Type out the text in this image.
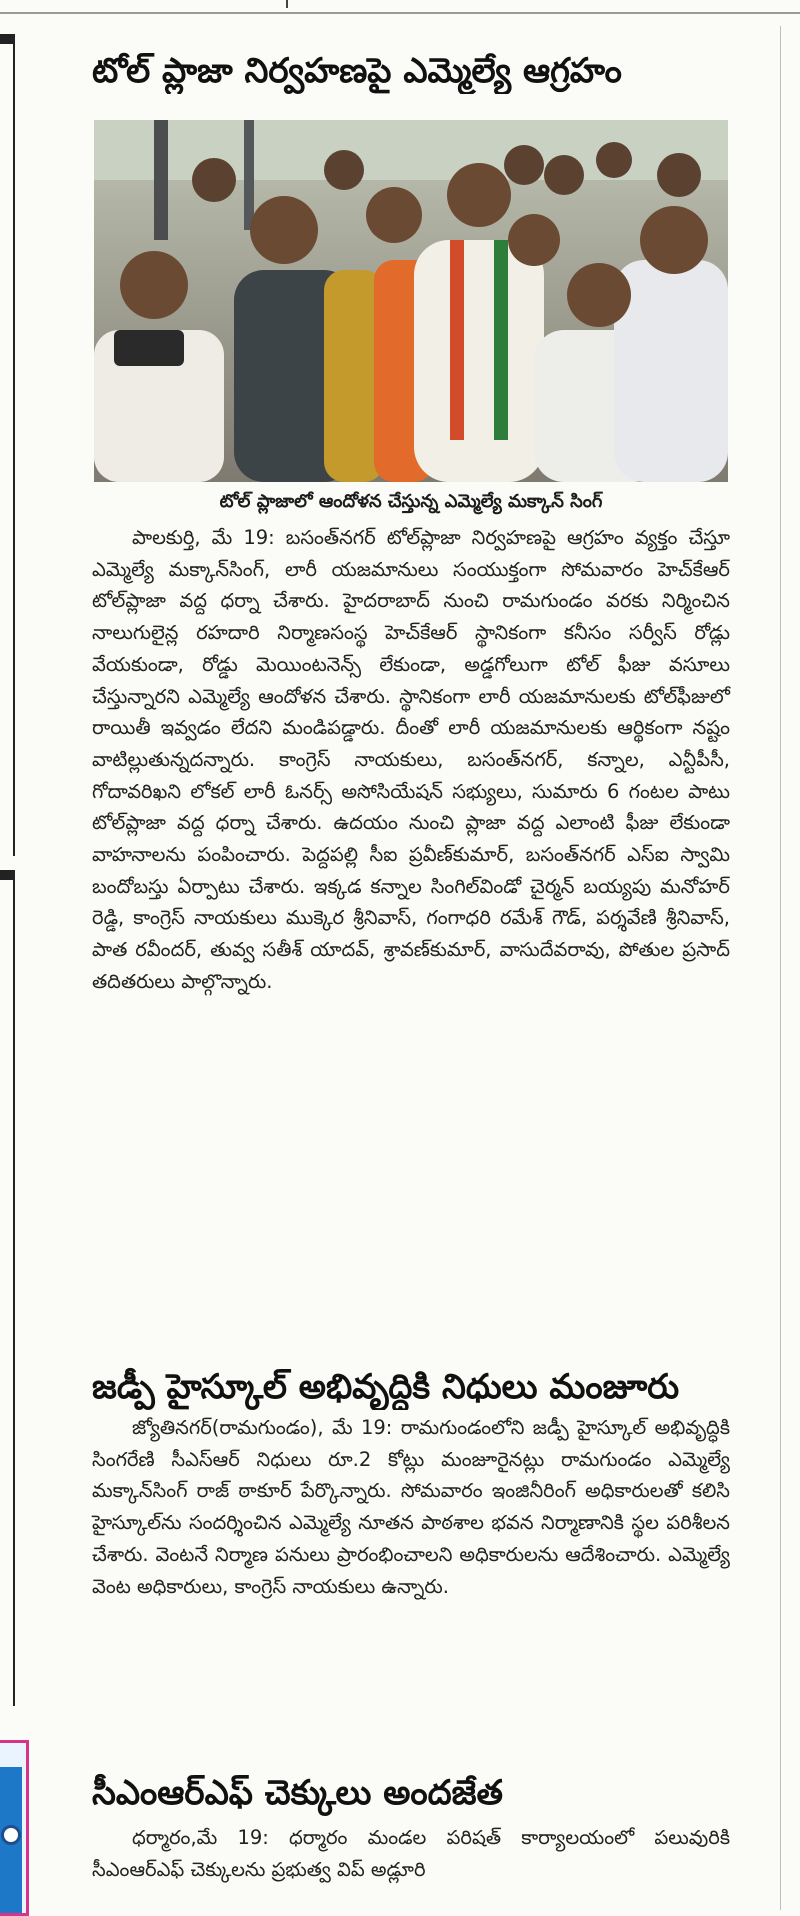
టోల్ ప్లాజా నిర్వహణపై ఎమ్మెల్యే ఆగ్రహం
టోల్ ప్లాజాలో ఆందోళన చేస్తున్న ఎమ్మెల్యే మక్కాన్ సింగ్
పాలకుర్తి, మే 19: బసంత్‌నగర్ టోల్‌ప్లాజా నిర్వహణపై ఆగ్రహం వ్యక్తం చేస్తూ ఎమ్మెల్యే మక్కాన్‌సింగ్, లారీ యజమానులు సంయుక్తంగా సోమవారం హెచ్‌కేఆర్ టోల్‌ప్లాజా వద్ద ధర్నా చేశారు. హైదరాబాద్ నుంచి రామగుండం వరకు నిర్మించిన నాలుగులైన్ల రహదారి నిర్మాణసంస్థ హెచ్‌కేఆర్ స్థానికంగా కనీసం సర్వీస్ రోడ్లు వేయకుండా, రోడ్డు మెయింటనెన్స్ లేకుండా, అడ్డగోలుగా టోల్ ఫీజు వసూలు చేస్తున్నారని ఎమ్మెల్యే ఆందోళన చేశారు. స్థానికంగా లారీ యజమానులకు టోల్‌ఫీజులో రాయితీ ఇవ్వడం లేదని మండిపడ్డారు. దీంతో లారీ యజమానులకు ఆర్థికంగా నష్టం వాటిల్లుతున్నదన్నారు. కాంగ్రెస్ నాయకులు, బసంత్‌నగర్, కన్నాల, ఎన్టీపీసీ, గోదావరిఖని లోకల్ లారీ ఓనర్స్ అసోసియేషన్ సభ్యులు, సుమారు 6 గంటల పాటు టోల్‌ప్లాజా వద్ద ధర్నా చేశారు. ఉదయం నుంచి ప్లాజా వద్ద ఎలాంటి ఫీజు లేకుండా వాహనాలను పంపించారు. పెద్దపల్లి సీఐ ప్రవీణ్‌కుమార్, బసంత్‌నగర్ ఎస్ఐ స్వామి బందోబస్తు ఏర్పాటు చేశారు. ఇక్కడ కన్నాల సింగిల్‌విండో చైర్మన్ బయ్యపు మనోహర్ రెడ్డి, కాంగ్రెస్ నాయకులు ముక్కెర శ్రీనివాస్, గంగాధరి రమేశ్ గౌడ్, పర్శవేణి శ్రీనివాస్, పాత రవీందర్, తువ్వ సతీశ్ యాదవ్, శ్రావణ్‌కుమార్, వాసుదేవరావు, పోతుల ప్రసాద్ తదితరులు పాల్గొన్నారు.
జడ్పీ హైస్కూల్ అభివృద్ధికి నిధులు మంజూరు
జ్యోతినగర్(రామగుండం), మే 19: రామగుండంలోని జడ్పీ హైస్కూల్ అభివృద్ధికి సింగరేణి సీఎస్ఆర్ నిధులు రూ.2 కోట్లు మంజూరైనట్లు రామగుండం ఎమ్మెల్యే మక్కాన్‌సింగ్ రాజ్ ఠాకూర్ పేర్కొన్నారు. సోమవారం ఇంజినీరింగ్ అధికారులతో కలిసి హైస్కూల్‌ను సందర్శించిన ఎమ్మెల్యే నూతన పాఠశాల భవన నిర్మాణానికి స్థల పరిశీలన చేశారు. వెంటనే నిర్మాణ పనులు ప్రారంభించాలని అధికారులను ఆదేశించారు. ఎమ్మెల్యే వెంట అధికారులు, కాంగ్రెస్ నాయకులు ఉన్నారు.
సీఎంఆర్‌ఎఫ్ చెక్కులు అందజేత
ధర్మారం,మే 19: ధర్మారం మండల పరిషత్ కార్యాలయంలో పలువురికి సీఎంఆర్‌ఎఫ్ చెక్కులను ప్రభుత్వ విప్ అడ్లూరి
